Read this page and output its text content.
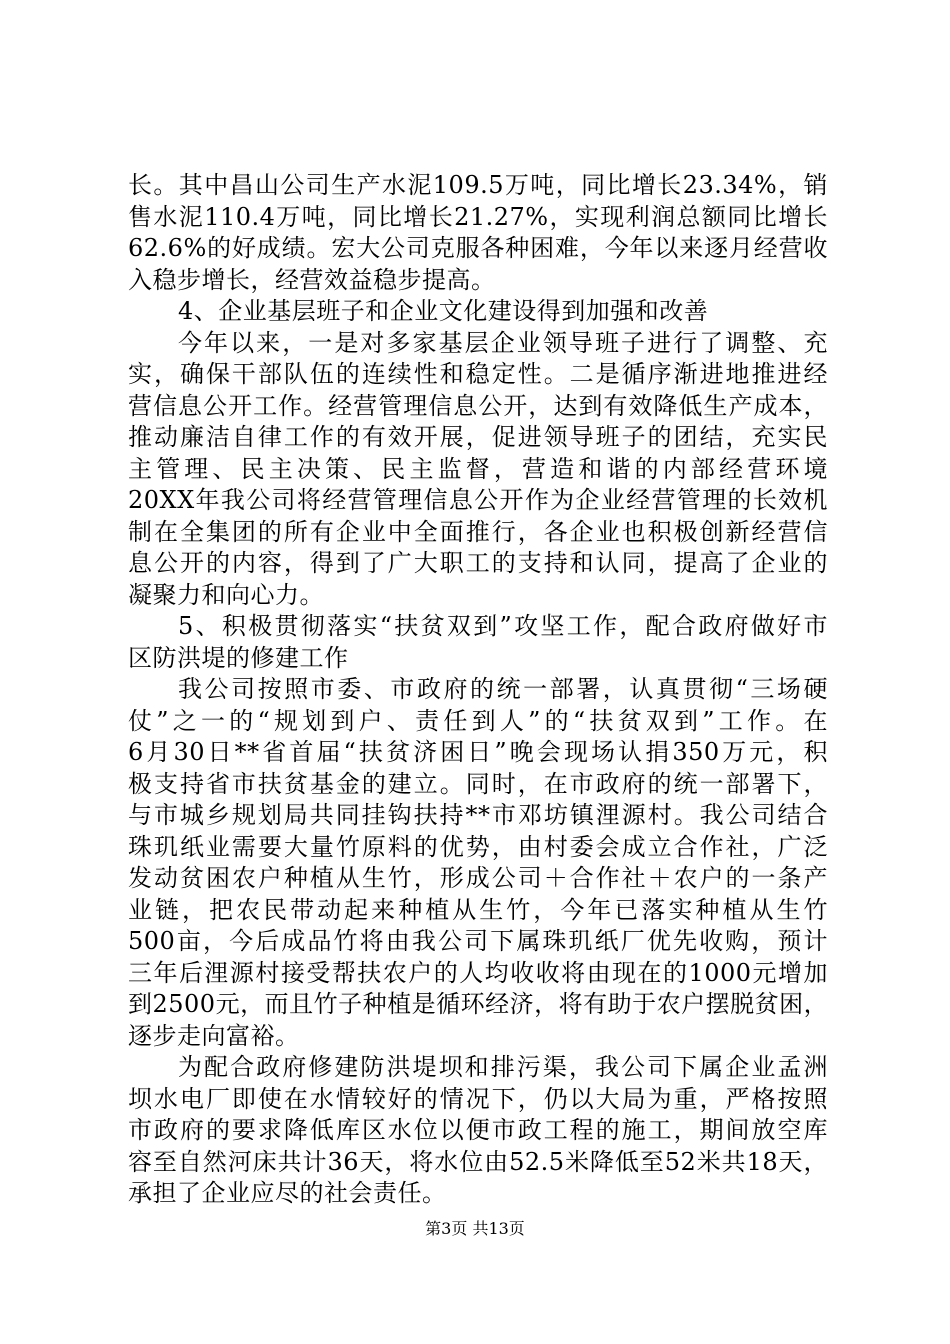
长。其中昌山公司生产水泥109.5万吨，同比增长23.34%，销
售水泥110.4万吨，同比增长21.27%，实现利润总额同比增长
62.6%的好成绩。宏大公司克服各种困难，今年以来逐月经营收
入稳步增长，经营效益稳步提高。
4、企业基层班子和企业文化建设得到加强和改善
今年以来，一是对多家基层企业领导班子进行了调整、充
实，确保干部队伍的连续性和稳定性。二是循序渐进地推进经
营信息公开工作。经营管理信息公开，达到有效降低生产成本，
推动廉洁自律工作的有效开展，促进领导班子的团结，充实民
主管理、民主决策、民主监督，营造和谐的内部经营环境
20XX年我公司将经营管理信息公开作为企业经营管理的长效机
制在全集团的所有企业中全面推行，各企业也积极创新经营信
息公开的内容，得到了广大职工的支持和认同，提高了企业的
凝聚力和向心力。
5、积极贯彻落实“扶贫双到”攻坚工作，配合政府做好市
区防洪堤的修建工作
我公司按照市委、市政府的统一部署，认真贯彻“三场硬
仗”之一的“规划到户、责任到人”的“扶贫双到”工作。在
6月30日**省首届“扶贫济困日”晚会现场认捐350万元，积
极支持省市扶贫基金的建立。同时，在市政府的统一部署下，
与市城乡规划局共同挂钩扶持**市邓坊镇浬源村。我公司结合
珠玑纸业需要大量竹原料的优势，由村委会成立合作社，广泛
发动贫困农户种植从生竹，形成公司＋合作社＋农户的一条产
业链，把农民带动起来种植从生竹，今年已落实种植从生竹
500亩，今后成品竹将由我公司下属珠玑纸厂优先收购，预计
三年后浬源村接受帮扶农户的人均收收将由现在的1000元增加
到2500元，而且竹子种植是循环经济，将有助于农户摆脱贫困，
逐步走向富裕。
为配合政府修建防洪堤坝和排污渠，我公司下属企业孟洲
坝水电厂即使在水情较好的情况下，仍以大局为重，严格按照
市政府的要求降低库区水位以便市政工程的施工，期间放空库
容至自然河床共计36天，将水位由52.5米降低至52米共18天，
承担了企业应尽的社会责任。
第3页 共13页
